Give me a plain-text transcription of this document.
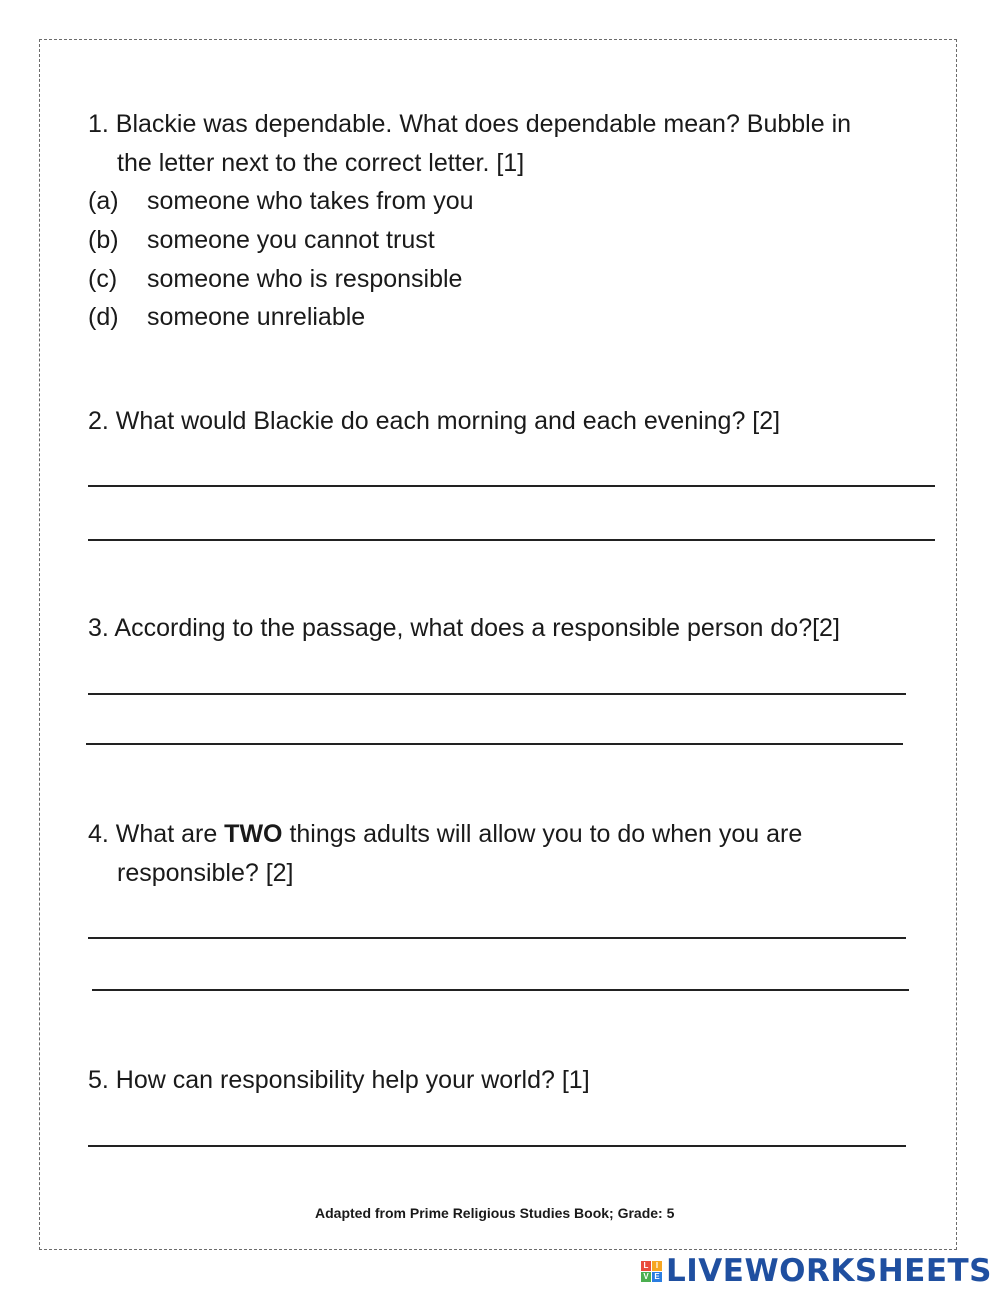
1. Blackie was dependable. What does dependable mean? Bubble in
the letter next to the correct letter. [1]
(a) someone who takes from you
(b) someone you cannot trust
(c) someone who is responsible
(d) someone unreliable
2. What would Blackie do each morning and each evening? [2]
3. According to the passage, what does a responsible person do?[2]
4. What are TWO things adults will allow you to do when you are
responsible? [2]
5. How can responsibility help your world? [1]
Adapted from Prime Religious Studies Book; Grade: 5
L I
V E LIVEWORKSHEETS
